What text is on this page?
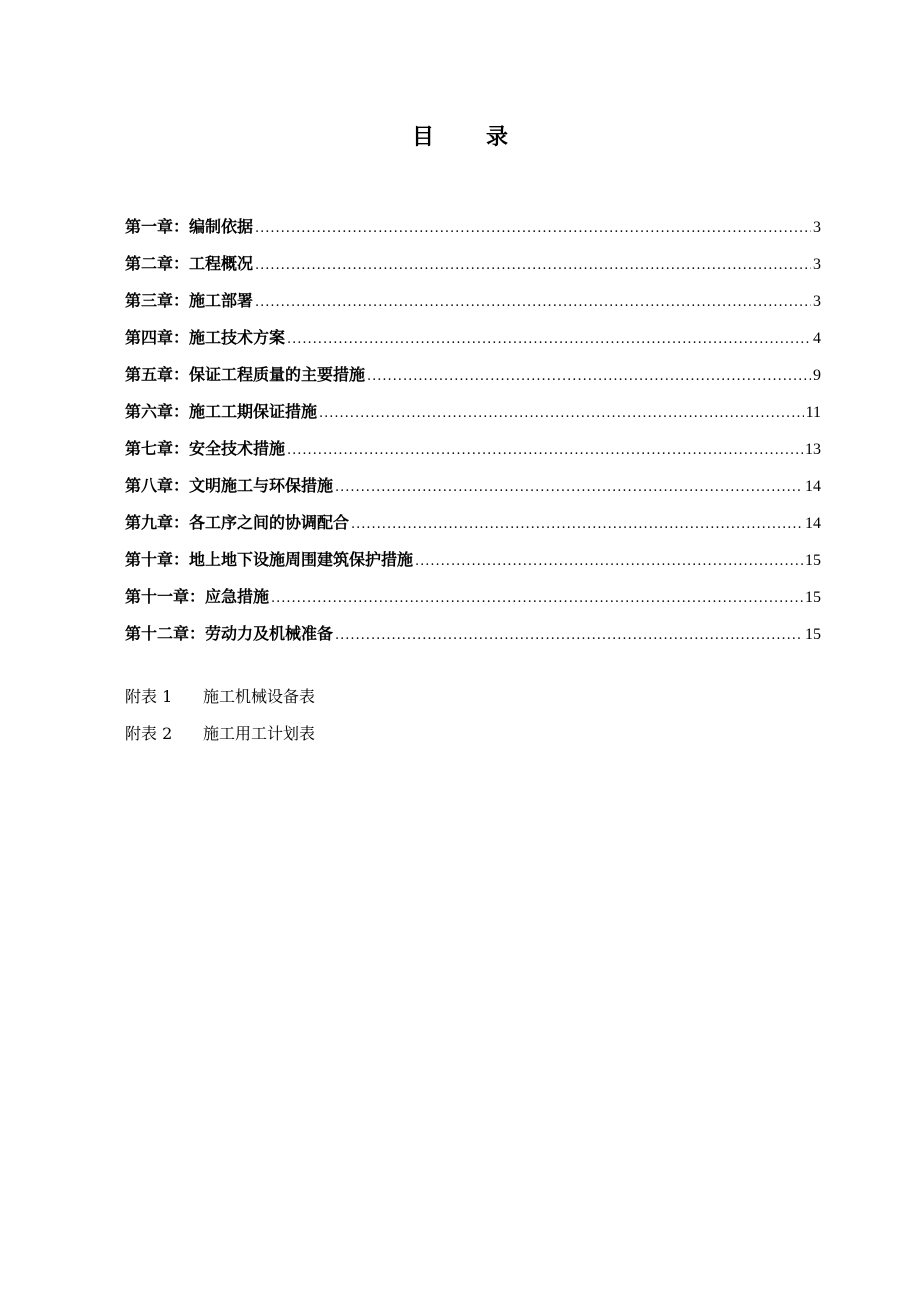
目 录
第一章：编制依据 .....	3
第二章：工程概况 .....	3
第三章：施工部署 .....	3
第四章：施工技术方案 .....	4
第五章：保证工程质量的主要措施 .....	9
第六章：施工工期保证措施 .....	11
第七章：安全技术措施 .....	13
第八章：文明施工与环保措施 .....	14
第九章：各工序之间的协调配合 .....	14
第十章：地上地下设施周围建筑保护措施 .....	15
第十一章：应急措施 .....	15
第十二章：劳动力及机械准备 .....	15
附表 1 施工机械设备表
附表 2 施工用工计划表
